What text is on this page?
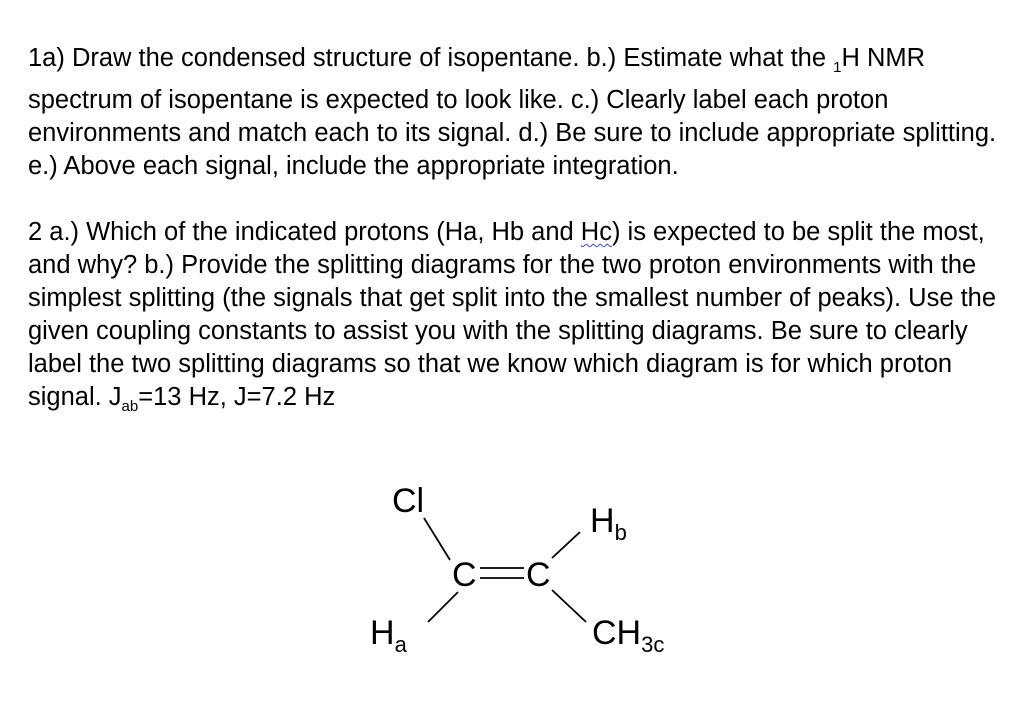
1a) Draw the condensed structure of isopentane. b.) Estimate what the $_1$H NMR spectrum of isopentane is expected to look like. c.) Clearly label each proton environments and match each to its signal. d.) Be sure to include appropriate splitting. e.) Above each signal, include the appropriate integration.

2 a.) Which of the indicated protons (Ha, Hb and Hc) is expected to be split the most, and why? b.) Provide the splitting diagrams for the two proton environments with the simplest splitting (the signals that get split into the smallest number of peaks). Use the given coupling constants to assist you with the splitting diagrams. Be sure to clearly label the two splitting diagrams so that we know which diagram is for which proton signal. $J_{ab}=13$ Hz, J=7.2 Hz

Cl
C C
$H_b$
$H_a$	$CH_{3c}$
